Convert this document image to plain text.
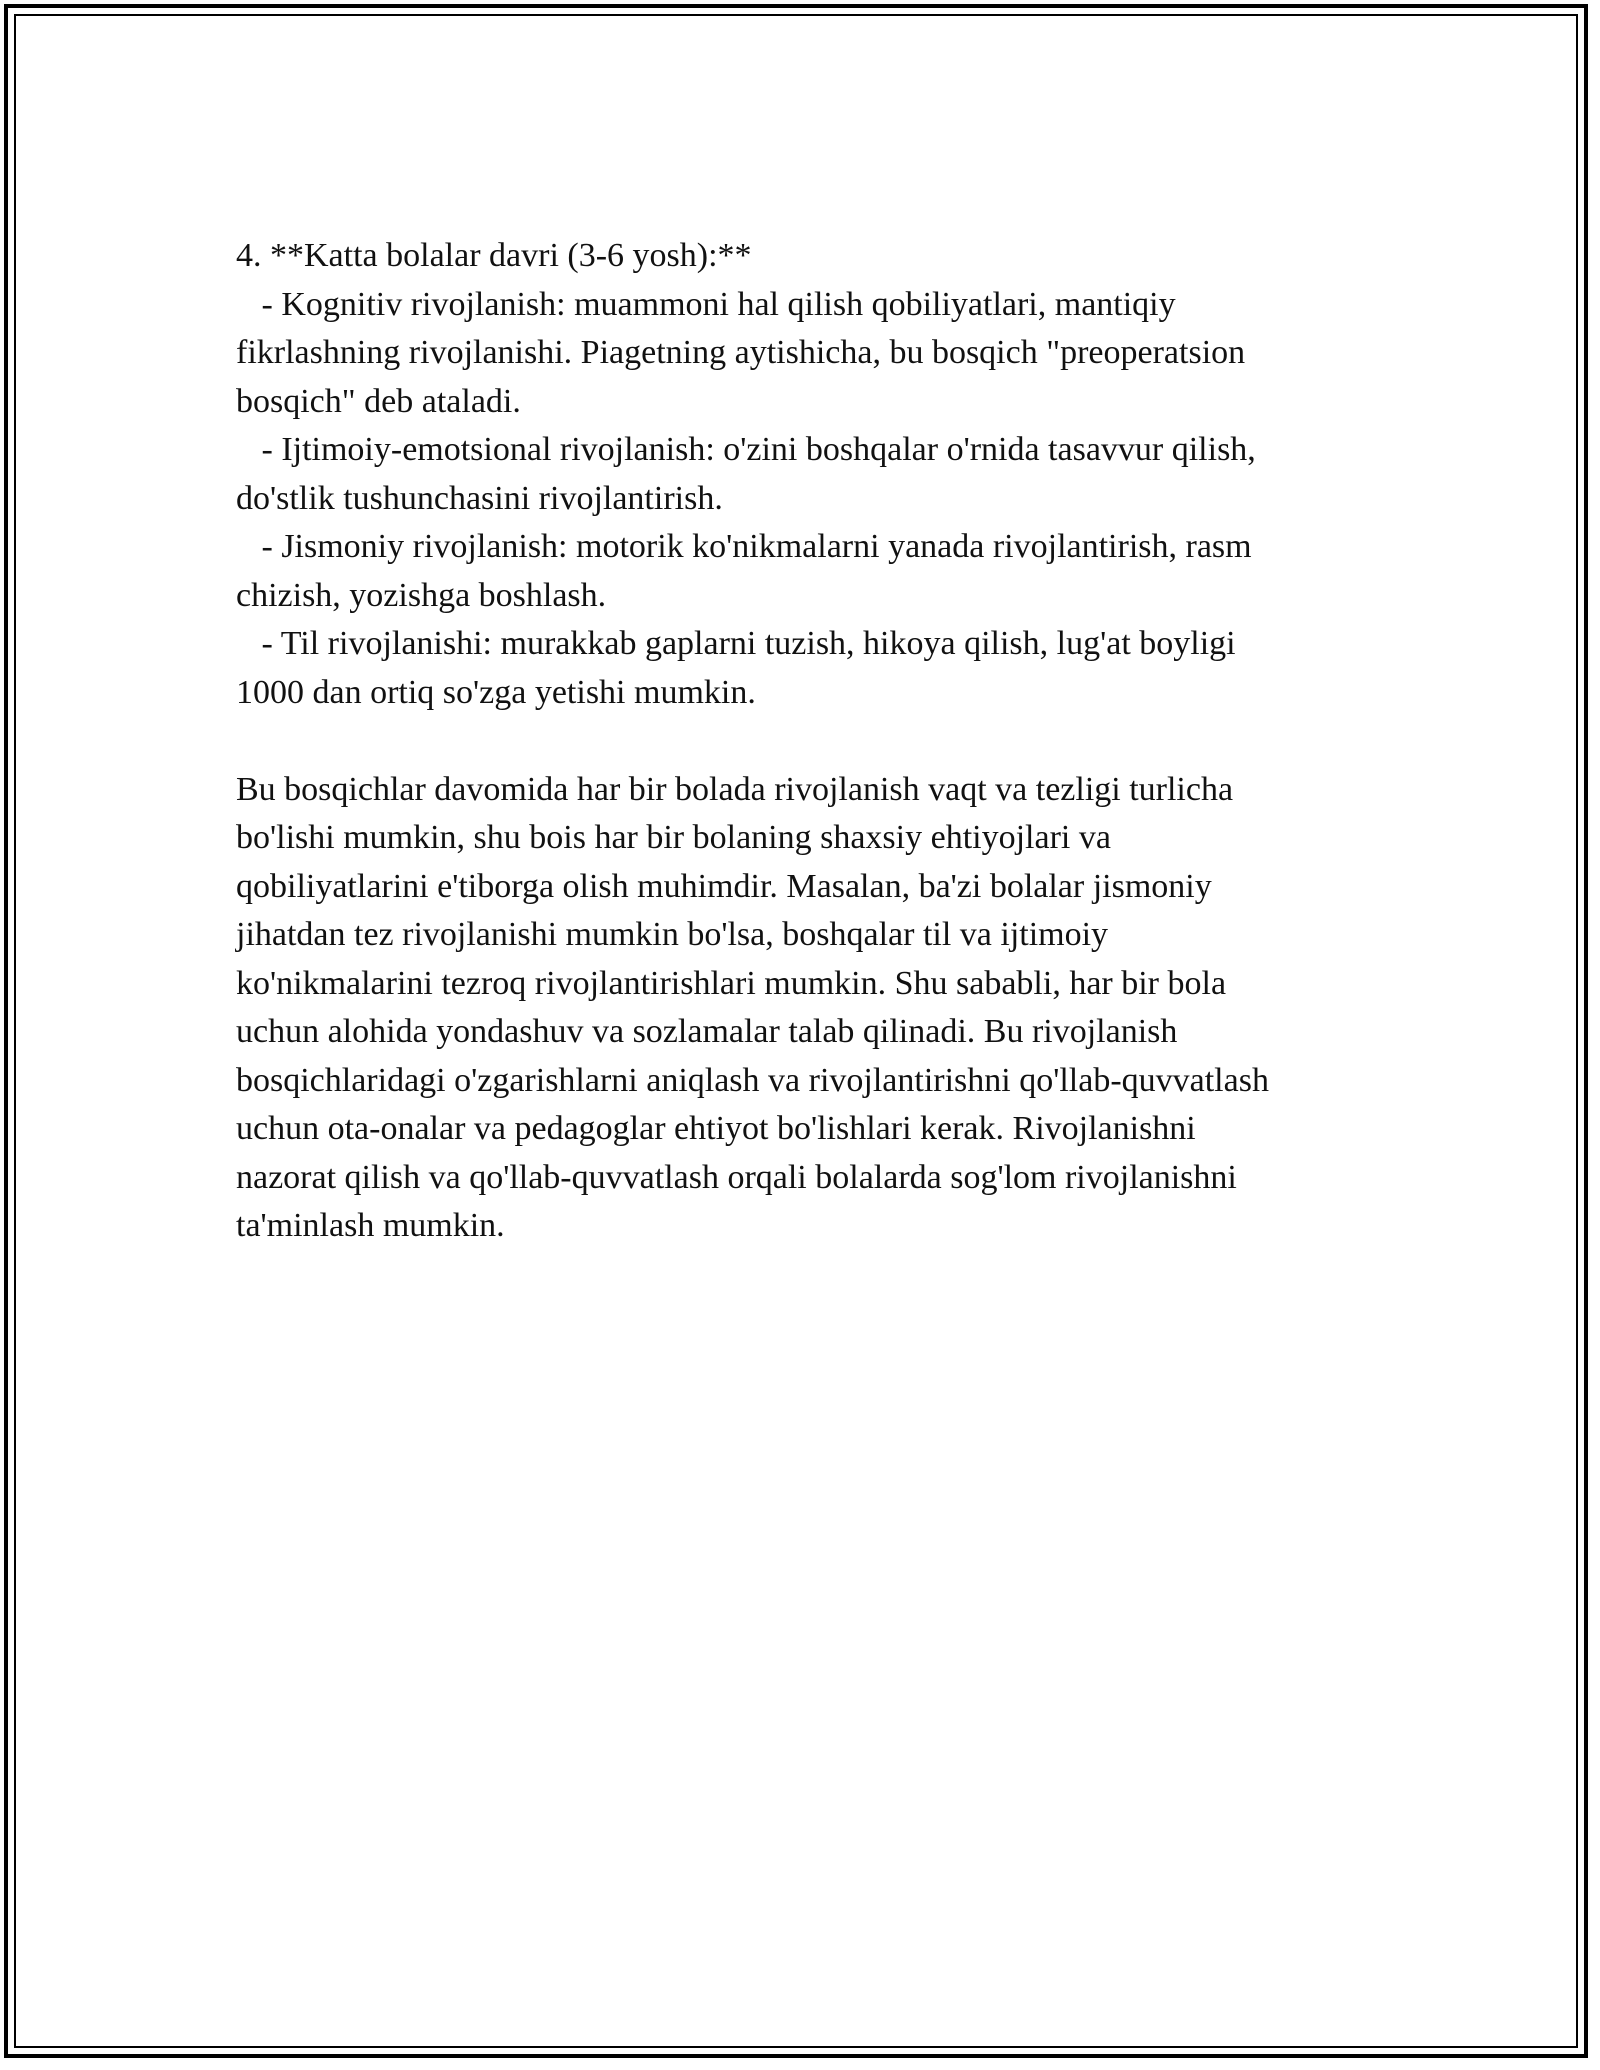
4. **Katta bolalar davri (3-6 yosh):**
- Kognitiv rivojlanish: muammoni hal qilish qobiliyatlari, mantiqiy
fikrlashning rivojlanishi. Piagetning aytishicha, bu bosqich "preoperatsion
bosqich" deb ataladi.
- Ijtimoiy-emotsional rivojlanish: o'zini boshqalar o'rnida tasavvur qilish,
do'stlik tushunchasini rivojlantirish.
- Jismoniy rivojlanish: motorik ko'nikmalarni yanada rivojlantirish, rasm
chizish, yozishga boshlash.
- Til rivojlanishi: murakkab gaplarni tuzish, hikoya qilish, lug'at boyligi
1000 dan ortiq so'zga yetishi mumkin.
Bu bosqichlar davomida har bir bolada rivojlanish vaqt va tezligi turlicha
bo'lishi mumkin, shu bois har bir bolaning shaxsiy ehtiyojlari va
qobiliyatlarini e'tiborga olish muhimdir. Masalan, ba'zi bolalar jismoniy
jihatdan tez rivojlanishi mumkin bo'lsa, boshqalar til va ijtimoiy
ko'nikmalarini tezroq rivojlantirishlari mumkin. Shu sababli, har bir bola
uchun alohida yondashuv va sozlamalar talab qilinadi. Bu rivojlanish
bosqichlaridagi o'zgarishlarni aniqlash va rivojlantirishni qo'llab-quvvatlash
uchun ota-onalar va pedagoglar ehtiyot bo'lishlari kerak. Rivojlanishni
nazorat qilish va qo'llab-quvvatlash orqali bolalarda sog'lom rivojlanishni
ta'minlash mumkin.
